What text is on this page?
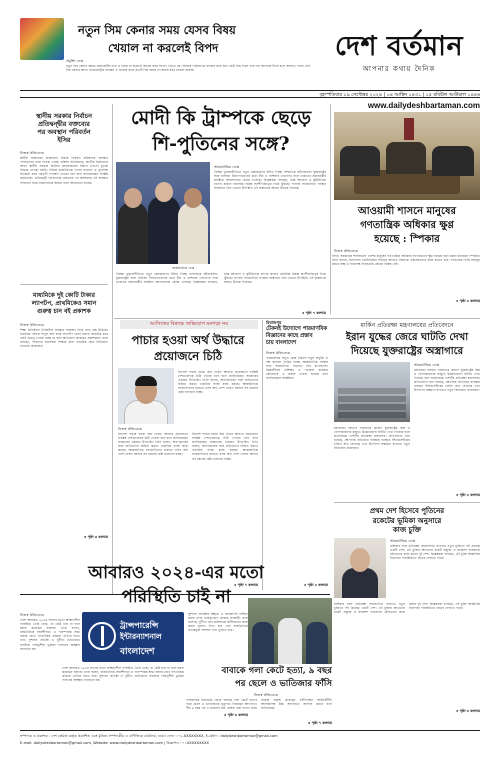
নতুন সিম কেনার সময় যেসব বিষয়
খেয়াল না করলেই বিপদ
প্রযুক্তি ডেস্ক
নতুন সিম কেনার ক্ষেত্রে প্রয়োজনীয় তথ্য ও নিয়ম না জানলে অনেক সময় বিপদে পড়তে হয়। নিজের পরিচয়পত্র ব্যবহার করে অন্য কেউ সিম নিলে তার দায় আপনার উপর চলে আসতে পারে। তাই সিম কেনার আগে বায়োমেট্রিক নিবন্ধন ও নিজের নামে কতটি সিম আছে তা যাচাই করে নেওয়া জরুরি।
দেশ বর্তমান
আপনার কথায় দৈনিক
বৃহস্পতিবার ১৯ সেপ্টেম্বর ২০২৪ | ০৪ আশ্বিন ১৪৩১ | ১৫ রবিউল আউয়াল ১৪৪৬
www.dailydeshbartaman.com
স্থানীয় সরকার নির্বাচন
প্রতিদ্বন্দ্বীর বক্তব্যের
পর অবস্থান পরিবর্তন
ইসির
নিজস্ব প্রতিবেদক
স্থানীয় সরকারের নির্বাচনের বিষয়ে নির্বাচন কমিশনের অবস্থান পরিবর্তনের খবর পাওয়া গেছে। কমিশন জানিয়েছে, জাতীয় নির্বাচনের আগে স্থানীয় সরকার নির্বাচন আয়োজনের বিষয়ে এখনো চূড়ান্ত সিদ্ধান্ত নেওয়া হয়নি। বিভিন্ন রাজনৈতিক দলের মতামত ও সুপারিশ বিবেচনা করে পরবর্তী পদক্ষেপ নেওয়া হবে বলে জানিয়েছেন সংশ্লিষ্ট কর্মকর্তারা। প্রতিদ্বন্দ্বী দলগুলোর বক্তব্যের পর কমিশনের এই অবস্থান পরিবর্তন নিয়ে রাজনৈতিক অঙ্গনে নানা আলোচনা চলছে।
মোদী কি ট্রাম্পকে ছেড়ে
শি-পুতিনের সঙ্গে?
আন্তর্জাতিক ডেস্ক
আন্তর্জাতিক ডেস্ক
বৈশ্বিক ভূরাজনীতিতে নতুন মেরুকরণের ইঙ্গিত দিচ্ছে সাম্প্রতিক ঘটনাপ্রবাহ। যুক্তরাষ্ট্রের সঙ্গে বাণিজ্য টানাপোড়েনের মধ্যে চীন ও রাশিয়ার নেতাদের সঙ্গে ভারতের প্রধানমন্ত্রীর ঘনিষ্ঠতা আলোচনার কেন্দ্রে এসেছে। বিশ্লেষকরা বলছেন, শুল্ক আরোপ ও কূটনৈতিক চাপের কারণে নয়াদিল্লি বিকল্প অংশীদারিত্বের দিকে ঝুঁকছে। সাংহাই সহযোগিতা সংস্থার সম্মেলনে তিন নেতার উপস্থিতি এই জল্পনাকে আরও উসকে দিয়েছে।
বৈশ্বিক ভূরাজনীতিতে নতুন মেরুকরণের ইঙ্গিত দিচ্ছে সাম্প্রতিক ঘটনাপ্রবাহ। যুক্তরাষ্ট্রের সঙ্গে বাণিজ্য টানাপোড়েনের মধ্যে চীন ও রাশিয়ার নেতাদের সঙ্গে ভারতের প্রধানমন্ত্রীর ঘনিষ্ঠতা আলোচনার কেন্দ্রে এসেছে। বিশ্লেষকরা বলছেন, শুল্ক আরোপ ও কূটনৈতিক চাপের কারণে নয়াদিল্লি বিকল্প অংশীদারিত্বের দিকে ঝুঁকছে। সাংহাই সহযোগিতা সংস্থার সম্মেলনে তিন নেতার উপস্থিতি এই জল্পনাকে আরও উসকে দিয়েছে।
৪ পৃষ্ঠা ৭ কলামে
আওয়ামী শাসনে মানুষের
গণতান্ত্রিক অধিকার ক্ষুণ্ণ
হয়েছে : স্পিকার
নিজস্ব প্রতিবেদক
বিগত সরকারের শাসনামলে দেশের মানুষের গণতান্ত্রিক অধিকার ব্যাপকভাবে ক্ষুণ্ণ হয়েছে বলে মন্তব্য করেছেন স্পিকার। তিনি বলেন, জনগণের ভোটাধিকার ফিরিয়ে আনতে সকলকে ঐক্যবদ্ধভাবে কাজ করতে হবে। গণতন্ত্রের ভিত্তি মজবুত করতে স্বচ্ছ ও নিরপেক্ষ নির্বাচনের কোনো বিকল্প নেই।
৪ পৃষ্ঠা ৫ কলামে
মাধ্যমিকে দুই কোটি টাকার
ল্যাপটপ, প্রাথমিকেও সমান
গুরুত্ব চান বই প্রকাশক
নিজস্ব প্রতিবেদক
শিক্ষা প্রতিষ্ঠানে ডিজিটাল সরঞ্জাম সরবরাহ নিয়ে নানা প্রশ্ন উঠেছে। মাধ্যমিক পর্যায়ে বিপুল অর্থ ব্যয়ে ল্যাপটপ কেনা হলেও প্রাথমিক স্তরে একই গুরুত্ব দেওয়া হচ্ছে না বলে অভিযোগ করেছেন প্রকাশকরা। তারা বলছেন, শিশুদের মানসম্মত শিক্ষার জন্য প্রাথমিক স্তরে বিনিয়োগ বাড়ানো প্রয়োজন।
৪ পৃষ্ঠা ৩ কলামে
আসিফের বিরুদ্ধে অভিযোগ মনগড়া নয়
পাচার হওয়া অর্থ উদ্ধারে
প্রয়োজনে চিঠি
নিজস্ব প্রতিবেদক
বিদেশে পাচার হওয়া অর্থ ফেরত আনতে প্রয়োজনে সংশ্লিষ্ট দেশগুলোকে চিঠি দেওয়া হবে বলে জানিয়েছেন সরকারের একজন উপদেষ্টা। তিনি বলেন, অর্থপাচারের সঙ্গে জড়িতদের চিহ্নিত করতে একাধিক সংস্থা কাজ করছে। আন্তর্জাতিক সহযোগিতার মাধ্যমে এসব অর্থ দেশে ফেরত আনার সব ধরনের চেষ্টা চালানো হচ্ছে।
বিদেশে পাচার হওয়া অর্থ ফেরত আনতে প্রয়োজনে সংশ্লিষ্ট দেশগুলোকে চিঠি দেওয়া হবে বলে জানিয়েছেন সরকারের একজন উপদেষ্টা। তিনি বলেন, অর্থপাচারের সঙ্গে জড়িতদের চিহ্নিত করতে একাধিক সংস্থা কাজ করছে। আন্তর্জাতিক সহযোগিতার মাধ্যমে এসব অর্থ দেশে ফেরত আনার সব ধরনের চেষ্টা চালানো হচ্ছে।
বিদেশে পাচার হওয়া অর্থ ফেরত আনতে প্রয়োজনে সংশ্লিষ্ট দেশগুলোকে চিঠি দেওয়া হবে বলে জানিয়েছেন সরকারের একজন উপদেষ্টা। তিনি বলেন, অর্থপাচারের সঙ্গে জড়িতদের চিহ্নিত করতে একাধিক সংস্থা কাজ করছে। আন্তর্জাতিক সহযোগিতার মাধ্যমে এসব অর্থ দেশে ফেরত আনার সব ধরনের চেষ্টা চালানো হচ্ছে।
৪ পৃষ্ঠা ৭ কলামে
রিয়াজপুর
টেকনই উদ্যোগে পারমাণবিক
বিজ্ঞানের কাছে প্রস্তাব
চায় বাংলাদেশ
নিজস্ব প্রতিবেদক
পারমাণবিক বিদ্যুৎ কেন্দ্র নির্মাণে নতুন প্রযুক্তি ও দক্ষ জনবল তৈরির লক্ষ্যে আন্তর্জাতিক সংস্থার সঙ্গে সহযোগিতা বাড়াতে চায় বাংলাদেশ। বিজ্ঞানীদের প্রশিক্ষণ ও গবেষণা কার্যক্রম জোরদারে এ প্রস্তাব দেওয়া হয়েছে বলে জানিয়েছেন সংশ্লিষ্টরা।
৪ পৃষ্ঠা ৫ কলামে
মার্কিন প্রতিরক্ষা মন্ত্রণালয়ের প্রতিবেদনে
ইরান যুদ্ধের জেরে ঘাটতি দেখা
দিয়েছে যুক্তরাষ্ট্রের অস্ত্রাগারে
আন্তর্জাতিক ডেস্ক
মধ্যপ্রাচ্যে চলমান সংঘাতের কারণে যুক্তরাষ্ট্রের অস্ত্র ও গোলাবারুদের মজুতে উল্লেখযোগ্য ঘাটতি দেখা দিয়েছে বলে জানিয়েছে দেশটির প্রতিরক্ষা মন্ত্রণালয়। প্রতিবেদনে বলা হয়েছে, ক্ষেপণাস্ত্র প্রতিরোধ ব্যবস্থায় ব্যবহৃত ইন্টারসেপ্টরের চাহিদা দ্রুত বেড়েছে এবং উৎপাদন সক্ষমতা বাড়াতে নতুন বিনিয়োগ প্রয়োজন।
মধ্যপ্রাচ্যে চলমান সংঘাতের কারণে যুক্তরাষ্ট্রের অস্ত্র ও গোলাবারুদের মজুতে উল্লেখযোগ্য ঘাটতি দেখা দিয়েছে বলে জানিয়েছে দেশটির প্রতিরক্ষা মন্ত্রণালয়। প্রতিবেদনে বলা হয়েছে, ক্ষেপণাস্ত্র প্রতিরোধ ব্যবস্থায় ব্যবহৃত ইন্টারসেপ্টরের চাহিদা দ্রুত বেড়েছে এবং উৎপাদন সক্ষমতা বাড়াতে নতুন বিনিয়োগ প্রয়োজন।
৪ পৃষ্ঠা ৫ কলামে
প্রথম দেশ হিসেবে পুতিনের
রকেটের ভূমিকা অনুসারে
কাজ চুক্তি
আন্তর্জাতিক ডেস্ক
রাশিয়ার সঙ্গে প্রতিরক্ষা সহযোগিতা বাড়াতে নতুন চুক্তিতে সই করেছে একটি দেশ। এই চুক্তির আওতায় রকেট প্রযুক্তি ও মহাকাশ গবেষণায় যৌথভাবে কাজ করবে দুই দেশ। বিশ্লেষকরা বলছেন, এই চুক্তি আঞ্চলিক নিরাপত্তা পরিস্থিতিতে প্রভাব ফেলতে পারে।
রাশিয়ার সঙ্গে প্রতিরক্ষা সহযোগিতা বাড়াতে নতুন চুক্তিতে সই করেছে একটি দেশ। এই চুক্তির আওতায় রকেট প্রযুক্তি ও মহাকাশ গবেষণায় যৌথভাবে কাজ করবে দুই দেশ। বিশ্লেষকরা বলছেন, এই চুক্তি আঞ্চলিক নিরাপত্তা পরিস্থিতিতে প্রভাব ফেলতে পারে।
৪ পৃষ্ঠা ৩ কলামে
আবারও ২০২৪-এর মতো
পরিস্থিতি চাই না
নিজস্ব প্রতিবেদক
দেশে আবারও ২০২৪ সালের মতো অস্থিতিশীল পরিস্থিতি তৈরি হোক, তা কেউ চায় না বলে মন্তব্য করেছেন বক্তারা। তারা বলেন, রাজনৈতিক সহনশীলতা ও পারস্পরিক শ্রদ্ধা বজায় রেখে গণতান্ত্রিক প্রক্রিয়া এগিয়ে নিতে হবে। সুশাসন প্রতিষ্ঠা ও দুর্নীতি প্রতিরোধে সবাইকে দায়িত্বশীল ভূমিকা পালনের আহ্বান জানানো হয়।
ট্রান্সপারেন্সি
ইন্টারন্যাশনাল
বাংলাদেশ
দেশে আবারও ২০২৪ সালের মতো অস্থিতিশীল পরিস্থিতি তৈরি হোক, তা কেউ চায় না বলে মন্তব্য করেছেন বক্তারা। তারা বলেন, রাজনৈতিক সহনশীলতা ও পারস্পরিক শ্রদ্ধা বজায় রেখে গণতান্ত্রিক প্রক্রিয়া এগিয়ে নিতে হবে। সুশাসন প্রতিষ্ঠা ও দুর্নীতি প্রতিরোধে সবাইকে দায়িত্বশীল ভূমিকা পালনের আহ্বান জানানো হয়।
সুশাসন প্রতিষ্ঠায় স্বচ্ছতা ও জবাবদিহি নিশ্চিত করার ওপর গুরুত্বারোপ করেছে সংস্থাটি। তারা বলেছে, দুর্নীতি দমন কমিশনকে স্বাধীনভাবে কাজ করার সুযোগ দিতে হবে এবং রাজনৈতিক প্রভাবমুক্ত প্রশাসন গড়ে তুলতে হবে।
৪ পৃষ্ঠা ৩ কলামে
বাবাকে গলা কেটে হত্যা, ৯ বছর
পর ছেলে ও ভাতিজার ফাঁসি
নিজস্ব প্রতিবেদক
পারিবারিক বিরোধের জেরে বাবাকে গলা কেটে হত্যার দায়ে ছেলে ও ভাতিজাকে মৃত্যুদণ্ড দিয়েছেন আদালত। দীর্ঘ ৯ বছর পর এ মামলার রায় ঘোষণা করা হলো। রায়ে সন্তোষ প্রকাশ করেছেন বাদীপক্ষের আইনজীবী। আসামিপক্ষ উচ্চ আদালতে আপিল করবে বলে জানিয়েছে।
৪ পৃষ্ঠা ৭ কলামে
সম্পাদক ও প্রকাশক : দেশ বর্তমান কর্তৃক প্রকাশিত এবং মুদ্রিত। সম্পাদকীয় ও বাণিজ্যিক কার্যালয়, ঢাকা। ফোন : ০২-XXXXXXXX, ই-মেইল : dailydeshbartaman@gmail.com
E-mail: dailydeshbartaman@gmail.com, Website: www.dailydeshbartaman.com | বিজ্ঞাপন : ০১XXXXXXXXX
